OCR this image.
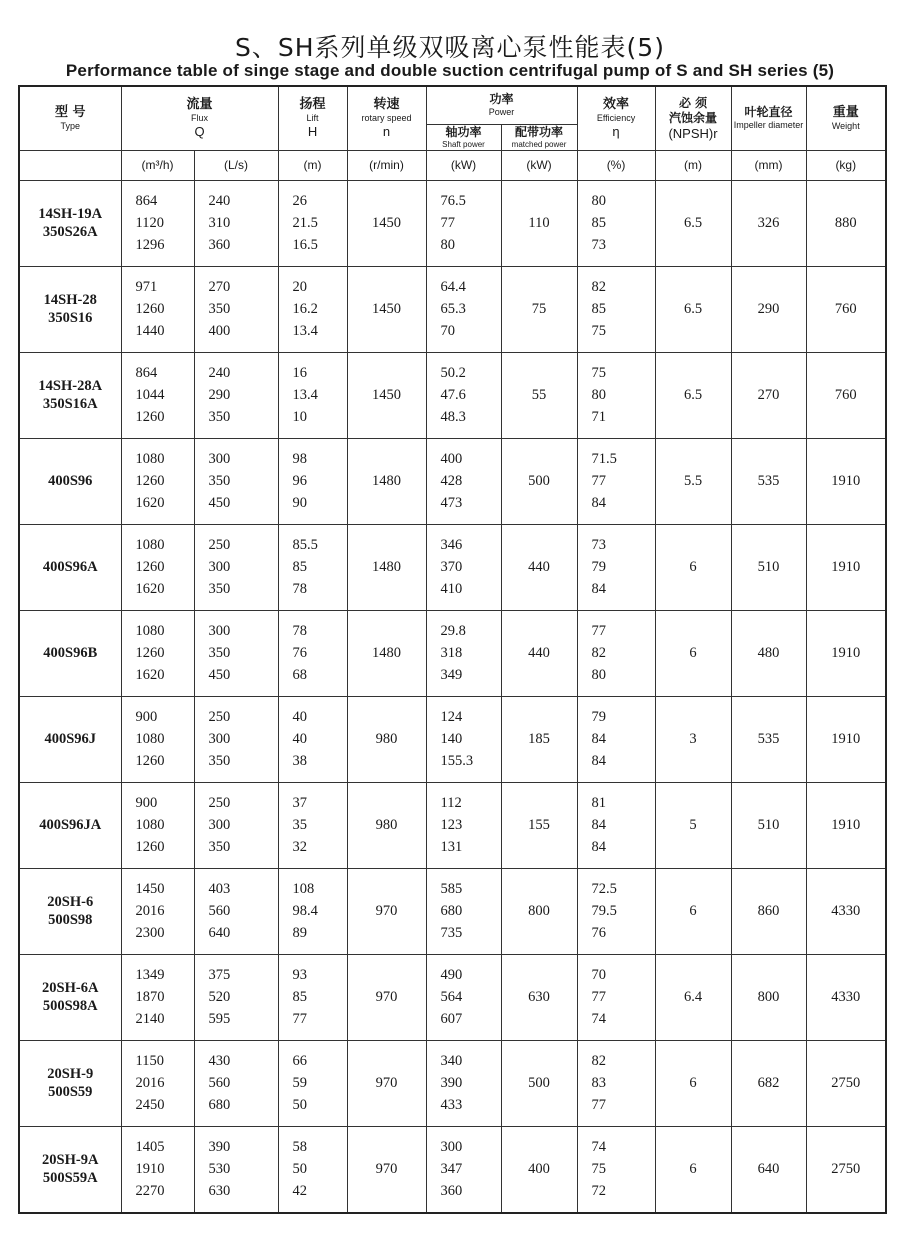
S、SH系列单级双吸离心泵性能表(5)
Performance table of singe stage and double suction centrifugal pump of S and SH series (5)
型 号
Type	流量
Flux
Q		扬程
Lift
H	转速
rotary speed
n	功率
Power		效率
Efficiency
η	必 须
汽蚀余量
(NPSH)r	叶轮直径
Impeller diameter	重量
Weight

					轴功率
Shaft power	配带功率
matched power				

	(m³/h)	(L/s)	(m)	(r/min)	(kW)	(kW)	(%)	(m)	(mm)	(kg)

14SH-19A
350S26A	864
1120
1296	240
310
360	26
21.5
16.5	1450	76.5
77
80	110	80
85
73	6.5	326	880

14SH-28
350S16	971
1260
1440	270
350
400	20
16.2
13.4	1450	64.4
65.3
70	75	82
85
75	6.5	290	760

14SH-28A
350S16A	864
1044
1260	240
290
350	16
13.4
10	1450	50.2
47.6
48.3	55	75
80
71	6.5	270	760

400S96	1080
1260
1620	300
350
450	98
96
90	1480	400
428
473	500	71.5
77
84	5.5	535	1910

400S96A	1080
1260
1620	250
300
350	85.5
85
78	1480	346
370
410	440	73
79
84	6	510	1910

400S96B	1080
1260
1620	300
350
450	78
76
68	1480	29.8
318
349	440	77
82
80	6	480	1910

400S96J	900
1080
1260	250
300
350	40
40
38	980	124
140
155.3	185	79
84
84	3	535	1910

400S96JA	900
1080
1260	250
300
350	37
35
32	980	112
123
131	155	81
84
84	5	510	1910

20SH-6
500S98	1450
2016
2300	403
560
640	108
98.4
89	970	585
680
735	800	72.5
79.5
76	6	860	4330

20SH-6A
500S98A	1349
1870
2140	375
520
595	93
85
77	970	490
564
607	630	70
77
74	6.4	800	4330

20SH-9
500S59	1150
2016
2450	430
560
680	66
59
50	970	340
390
433	500	82
83
77	6	682	2750

20SH-9A
500S59A	1405
1910
2270	390
530
630	58
50
42	970	300
347
360	400	74
75
72	6	640	2750
